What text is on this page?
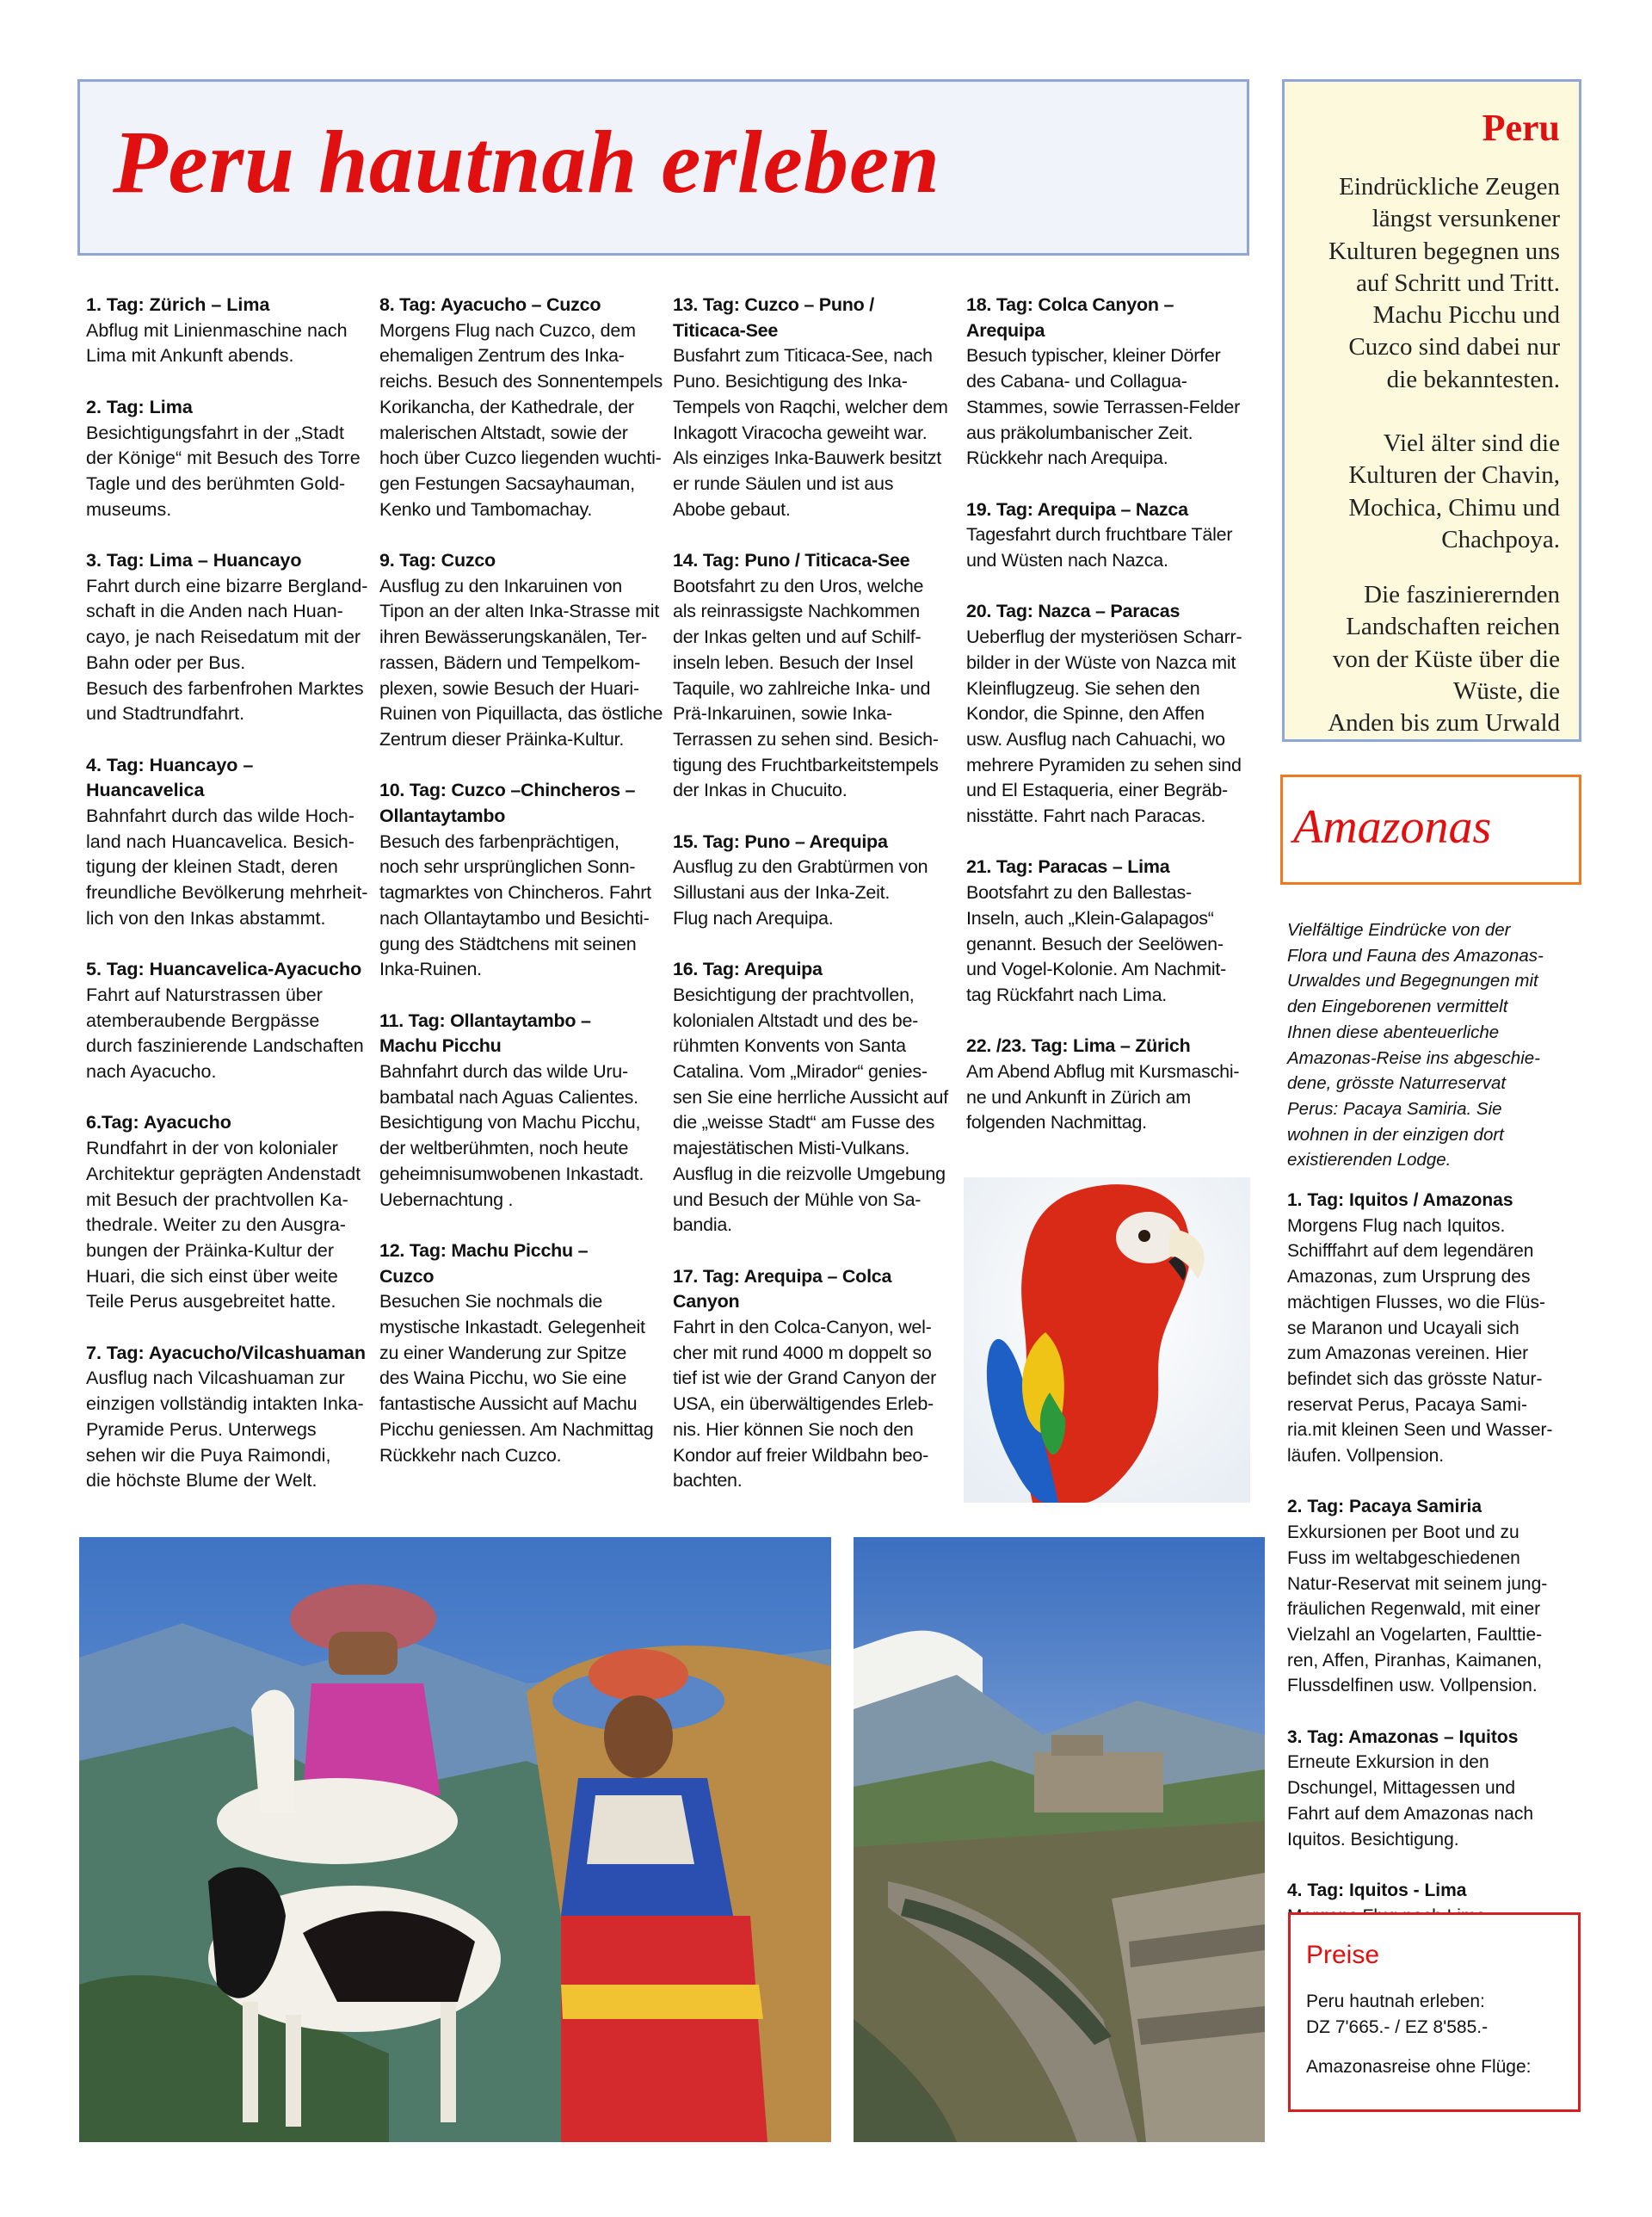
Peru hautnah erleben
1. Tag: Zürich – Lima
Abflug mit Linienmaschine nach
Lima mit Ankunft abends.
2. Tag: Lima
Besichtigungsfahrt in der „Stadt
der Könige“ mit Besuch des Torre
Tagle und des berühmten Gold-
museums.
3. Tag: Lima – Huancayo
Fahrt durch eine bizarre Bergland-
schaft in die Anden nach Huan-
cayo, je nach Reisedatum mit der
Bahn oder per Bus.
Besuch des farbenfrohen Marktes
und Stadtrundfahrt.
4. Tag: Huancayo –
Huancavelica
Bahnfahrt durch das wilde Hoch-
land nach Huancavelica. Besich-
tigung der kleinen Stadt, deren
freundliche Bevölkerung mehrheit-
lich von den Inkas abstammt.
5. Tag: Huancavelica-Ayacucho
Fahrt auf Naturstrassen über
atemberaubende Bergpässe
durch faszinierende Landschaften
nach Ayacucho.
6.Tag: Ayacucho
Rundfahrt in der von kolonialer
Architektur geprägten Andenstadt
mit Besuch der prachtvollen Ka-
thedrale. Weiter zu den Ausgra-
bungen der Präinka-Kultur der
Huari, die sich einst über weite
Teile Perus ausgebreitet hatte.
7. Tag: Ayacucho/Vilcashuaman
Ausflug nach Vilcashuaman zur
einzigen vollständig intakten Inka-
Pyramide Perus. Unterwegs
sehen wir die Puya Raimondi,
die höchste Blume der Welt.
8. Tag: Ayacucho – Cuzco
Morgens Flug nach Cuzco, dem
ehemaligen Zentrum des Inka-
reichs. Besuch des Sonnentempels
Korikancha, der Kathedrale, der
malerischen Altstadt, sowie der
hoch über Cuzco liegenden wuchti-
gen Festungen Sacsayhauman,
Kenko und Tambomachay.
9. Tag: Cuzco
Ausflug zu den Inkaruinen von
Tipon an der alten Inka-Strasse mit
ihren Bewässerungskanälen, Ter-
rassen, Bädern und Tempelkom-
plexen, sowie Besuch der Huari-
Ruinen von Piquillacta, das östliche
Zentrum dieser Präinka-Kultur.
10. Tag: Cuzco –Chincheros –
Ollantaytambo
Besuch des farbenprächtigen,
noch sehr ursprünglichen Sonn-
tagmarktes von Chincheros. Fahrt
nach Ollantaytambo und Besichti-
gung des Städtchens mit seinen
Inka-Ruinen.
11. Tag: Ollantaytambo –
Machu Picchu
Bahnfahrt durch das wilde Uru-
bambatal nach Aguas Calientes.
Besichtigung von Machu Picchu,
der weltberühmten, noch heute
geheimnisumwobenen Inkastadt.
Uebernachtung .
12. Tag: Machu Picchu –
Cuzco
Besuchen Sie nochmals die
mystische Inkastadt. Gelegenheit
zu einer Wanderung zur Spitze
des Waina Picchu, wo Sie eine
fantastische Aussicht auf Machu
Picchu geniessen. Am Nachmittag
Rückkehr nach Cuzco.
13. Tag: Cuzco – Puno /
Titicaca-See
Busfahrt zum Titicaca-See, nach
Puno. Besichtigung des Inka-
Tempels von Raqchi, welcher dem
Inkagott Viracocha geweiht war.
Als einziges Inka-Bauwerk besitzt
er runde Säulen und ist aus
Abobe gebaut.
14. Tag: Puno / Titicaca-See
Bootsfahrt zu den Uros, welche
als reinrassigste Nachkommen
der Inkas gelten und auf Schilf-
inseln leben. Besuch der Insel
Taquile, wo zahlreiche Inka- und
Prä-Inkaruinen, sowie Inka-
Terrassen zu sehen sind. Besich-
tigung des Fruchtbarkeitstempels
der Inkas in Chucuito.
15. Tag: Puno – Arequipa
Ausflug zu den Grabtürmen von
Sillustani aus der Inka-Zeit.
Flug nach Arequipa.
16. Tag: Arequipa
Besichtigung der prachtvollen,
kolonialen Altstadt und des be-
rühmten Konvents von Santa
Catalina. Vom „Mirador“ genies-
sen Sie eine herrliche Aussicht auf
die „weisse Stadt“ am Fusse des
majestätischen Misti-Vulkans.
Ausflug in die reizvolle Umgebung
und Besuch der Mühle von Sa-
bandia.
17. Tag: Arequipa – Colca
Canyon
Fahrt in den Colca-Canyon, wel-
cher mit rund 4000 m doppelt so
tief ist wie der Grand Canyon der
USA, ein überwältigendes Erleb-
nis. Hier können Sie noch den
Kondor auf freier Wildbahn beo-
bachten.
18. Tag: Colca Canyon –
Arequipa
Besuch typischer, kleiner Dörfer
des Cabana- und Collagua-
Stammes, sowie Terrassen-Felder
aus präkolumbanischer Zeit.
Rückkehr nach Arequipa.
19. Tag: Arequipa – Nazca
Tagesfahrt durch fruchtbare Täler
und Wüsten nach Nazca.
20. Tag: Nazca – Paracas
Ueberflug der mysteriösen Scharr-
bilder in der Wüste von Nazca mit
Kleinflugzeug. Sie sehen den
Kondor, die Spinne, den Affen
usw. Ausflug nach Cahuachi, wo
mehrere Pyramiden zu sehen sind
und El Estaqueria, einer Begräb-
nisstätte. Fahrt nach Paracas.
21. Tag: Paracas – Lima
Bootsfahrt zu den Ballestas-
Inseln, auch „Klein-Galapagos“
genannt. Besuch der Seelöwen-
und Vogel-Kolonie. Am Nachmit-
tag Rückfahrt nach Lima.
22. /23. Tag: Lima – Zürich
Am Abend Abflug mit Kursmaschi-
ne und Ankunft in Zürich am
folgenden Nachmittag.
Peru
Eindrückliche Zeugen
längst versunkener
Kulturen begegnen uns
auf Schritt und Tritt.
Machu Picchu und
Cuzco sind dabei nur
die bekanntesten.
Viel älter sind die
Kulturen der Chavin,
Mochica, Chimu und
Chachpoya.
Die faszinierernden
Landschaften reichen
von der Küste über die
Wüste, die
Anden bis zum Urwald
Amazonas
Vielfältige Eindrücke von der
Flora und Fauna des Amazonas-
Urwaldes und Begegnungen mit
den Eingeborenen vermittelt
Ihnen diese abenteuerliche
Amazonas-Reise ins abgeschie-
dene, grösste Naturreservat
Perus: Pacaya Samiria. Sie
wohnen in der einzigen dort
existierenden Lodge.
1. Tag: Iquitos / Amazonas
Morgens Flug nach Iquitos.
Schifffahrt auf dem legendären
Amazonas, zum Ursprung des
mächtigen Flusses, wo die Flüs-
se Maranon und Ucayali sich
zum Amazonas vereinen. Hier
befindet sich das grösste Natur-
reservat Perus, Pacaya Sami-
ria.mit kleinen Seen und Wasser-
läufen. Vollpension.
2. Tag: Pacaya Samiria
Exkursionen per Boot und zu
Fuss im weltabgeschiedenen
Natur-Reservat mit seinem jung-
fräulichen Regenwald, mit einer
Vielzahl an Vogelarten, Faulttie-
ren, Affen, Piranhas, Kaimanen,
Flussdelfinen usw. Vollpension.
3. Tag: Amazonas – Iquitos
Erneute Exkursion in den
Dschungel, Mittagessen und
Fahrt auf dem Amazonas nach
Iquitos. Besichtigung.
4. Tag: Iquitos - Lima
Preise
Peru hautnah erleben:
DZ 7'665.- / EZ 8'585.-
Amazonasreise ohne Flüge:
